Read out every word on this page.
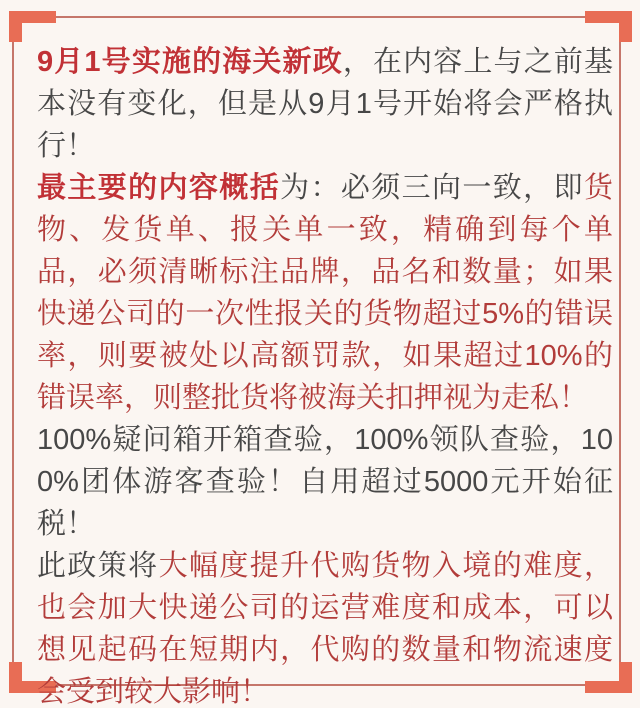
9月1号实施的海关新政，在内容上与之前基本没有变化，但是从9月1号开始将会严格执行！

最主要的内容概括为：必须三向一致，即货物、发货单、报关单一致，精确到每个单品，必须清晰标注品牌，品名和数量；如果快递公司的一次性报关的货物超过5%的错误率，则要被处以高额罚款，如果超过10%的错误率，则整批货将被海关扣押视为走私！

100%疑问箱开箱查验，100%领队查验，100%团体游客查验！自用超过5000元开始征税！

此政策将大幅度提升代购货物入境的难度，也会加大快递公司的运营难度和成本，可以想见起码在短期内，代购的数量和物流速度会受到较大影响！
